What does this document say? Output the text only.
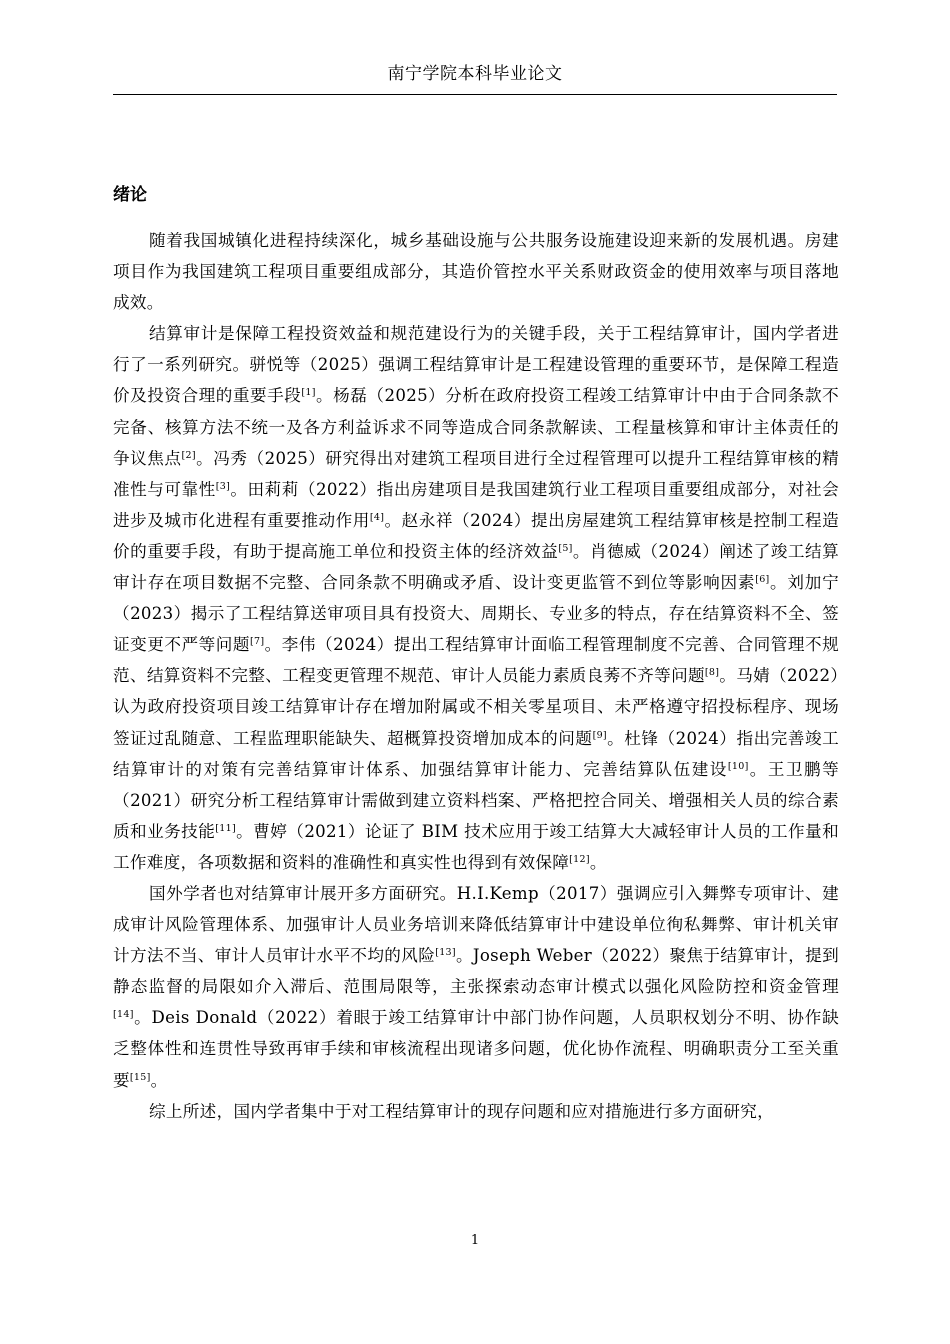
南宁学院本科毕业论文
绪论

随着我国城镇化进程持续深化，城乡基础设施与公共服务设施建设迎来新的发展机遇。房建项目作为我国建筑工程项目重要组成部分，其造价管控水平关系财政资金的使用效率与项目落地成效。

结算审计是保障工程投资效益和规范建设行为的关键手段，关于工程结算审计，国内学者进行了一系列研究。骈悦等（2025）强调工程结算审计是工程建设管理的重要环节，是保障工程造价及投资合理的重要手段[1]。杨磊（2025）分析在政府投资工程竣工结算审计中由于合同条款不完备、核算方法不统一及各方利益诉求不同等造成合同条款解读、工程量核算和审计主体责任的争议焦点[2]。冯秀（2025）研究得出对建筑工程项目进行全过程管理可以提升工程结算审核的精准性与可靠性[3]。田莉莉（2022）指出房建项目是我国建筑行业工程项目重要组成部分，对社会进步及城市化进程有重要推动作用[4]。赵永祥（2024）提出房屋建筑工程结算审核是控制工程造价的重要手段，有助于提高施工单位和投资主体的经济效益[5]。肖德威（2024）阐述了竣工结算审计存在项目数据不完整、合同条款不明确或矛盾、设计变更监管不到位等影响因素[6]。刘加宁（2023）揭示了工程结算送审项目具有投资大、周期长、专业多的特点，存在结算资料不全、签证变更不严等问题[7]。李伟（2024）提出工程结算审计面临工程管理制度不完善、合同管理不规范、结算资料不完整、工程变更管理不规范、审计人员能力素质良莠不齐等问题[8]。马婧（2022）认为政府投资项目竣工结算审计存在增加附属或不相关零星项目、未严格遵守招投标程序、现场签证过乱随意、工程监理职能缺失、超概算投资增加成本的问题[9]。杜锋（2024）指出完善竣工结算审计的对策有完善结算审计体系、加强结算审计能力、完善结算队伍建设[10]。王卫鹏等（2021）研究分析工程结算审计需做到建立资料档案、严格把控合同关、增强相关人员的综合素质和业务技能[11]。曹婷（2021）论证了 BIM 技术应用于竣工结算大大减轻审计人员的工作量和工作难度，各项数据和资料的准确性和真实性也得到有效保障[12]。

国外学者也对结算审计展开多方面研究。H.I.Kemp（2017）强调应引入舞弊专项审计、建成审计风险管理体系、加强审计人员业务培训来降低结算审计中建设单位徇私舞弊、审计机关审计方法不当、审计人员审计水平不均的风险[13]。Joseph Weber（2022）聚焦于结算审计，提到静态监督的局限如介入滞后、范围局限等，主张探索动态审计模式以强化风险防控和资金管理[14]。Deis Donald（2022）着眼于竣工结算审计中部门协作问题，人员职权划分不明、协作缺乏整体性和连贯性导致再审手续和审核流程出现诸多问题，优化协作流程、明确职责分工至关重要[15]。

综上所述，国内学者集中于对工程结算审计的现存问题和应对措施进行多方面研究，

1
